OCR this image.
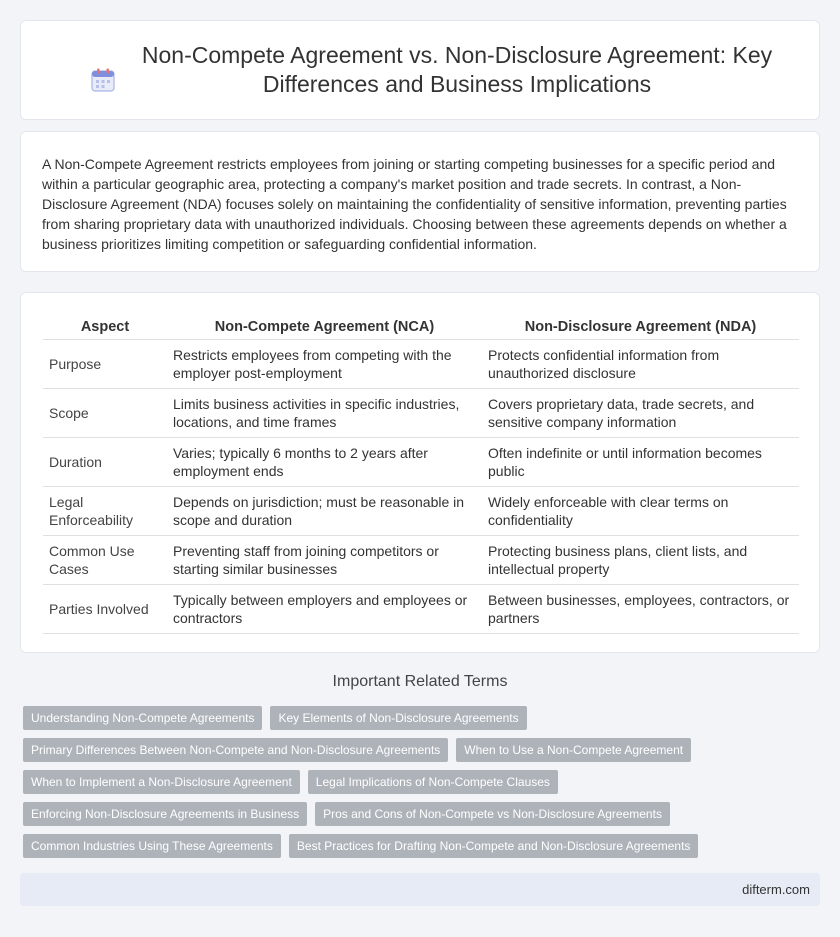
Non-Compete Agreement vs. Non-Disclosure Agreement: Key Differences and Business Implications

A Non-Compete Agreement restricts employees from joining or starting competing businesses for a specific period and within a particular geographic area, protecting a company's market position and trade secrets. In contrast, a Non-Disclosure Agreement (NDA) focuses solely on maintaining the confidentiality of sensitive information, preventing parties from sharing proprietary data with unauthorized individuals. Choosing between these agreements depends on whether a business prioritizes limiting competition or safeguarding confidential information.

Aspect	Non-Compete Agreement (NCA)	Non-Disclosure Agreement (NDA)
Purpose	Restricts employees from competing with the employer post-employment	Protects confidential information from unauthorized disclosure
Scope	Limits business activities in specific industries, locations, and time frames	Covers proprietary data, trade secrets, and sensitive company information
Duration	Varies; typically 6 months to 2 years after employment ends	Often indefinite or until information becomes public
Legal Enforceability	Depends on jurisdiction; must be reasonable in scope and duration	Widely enforceable with clear terms on confidentiality
Common Use Cases	Preventing staff from joining competitors or starting similar businesses	Protecting business plans, client lists, and intellectual property
Parties Involved	Typically between employers and employees or contractors	Between businesses, employees, contractors, or partners
Important Related Terms
Understanding Non-Compete Agreements	Key Elements of Non-Disclosure Agreements
Primary Differences Between Non-Compete and Non-Disclosure Agreements	When to Use a Non-Compete Agreement
When to Implement a Non-Disclosure Agreement	Legal Implications of Non-Compete Clauses
Enforcing Non-Disclosure Agreements in Business	Pros and Cons of Non-Compete vs Non-Disclosure Agreements
Common Industries Using These Agreements	Best Practices for Drafting Non-Compete and Non-Disclosure Agreements
difterm.com
